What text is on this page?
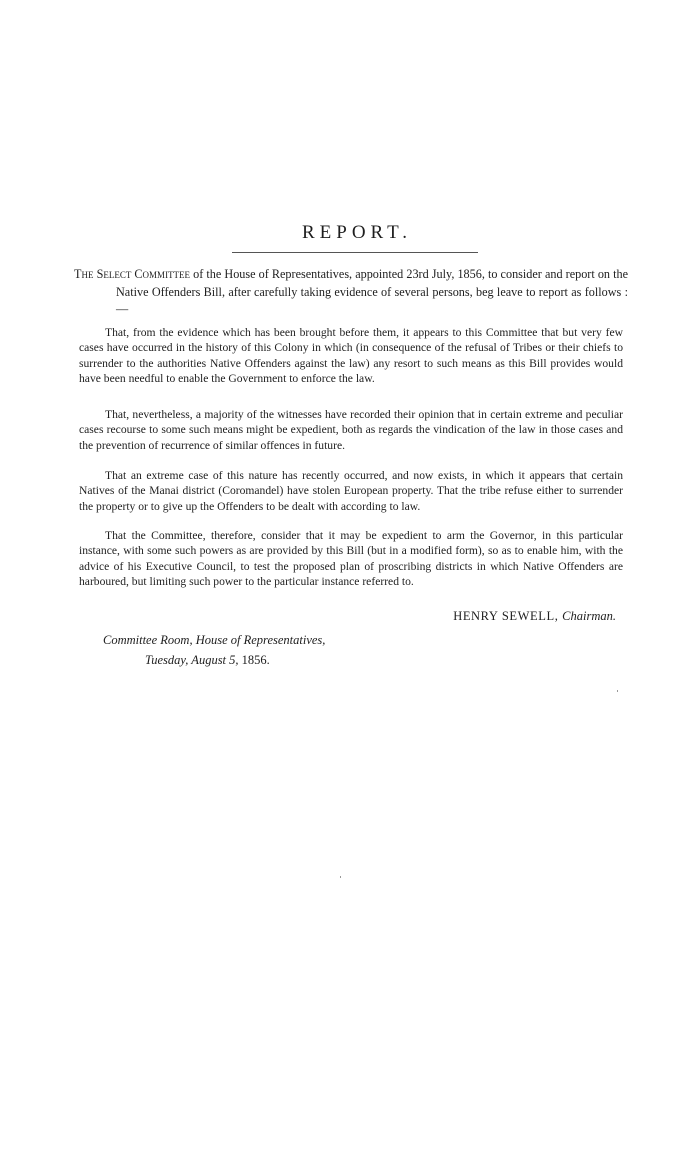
REPORT.
The Select Committee of the House of Representatives, appointed 23rd July, 1856, to consider and report on the Native Offenders Bill, after carefully taking evidence of several persons, beg leave to report as follows :—

That, from the evidence which has been brought before them, it appears to this Committee that but very few cases have occurred in the history of this Colony in which (in consequence of the refusal of Tribes or their chiefs to surrender to the authorities Native Offenders against the law) any resort to such means as this Bill provides would have been needful to enable the Government to enforce the law.

That, nevertheless, a majority of the witnesses have recorded their opinion that in certain extreme and peculiar cases recourse to some such means might be expedient, both as regards the vindication of the law in those cases and the prevention of recurrence of similar offences in future.

That an extreme case of this nature has recently occurred, and now exists, in which it appears that certain Natives of the Manai district (Coromandel) have stolen European property. That the tribe refuse either to surrender the property or to give up the Offenders to be dealt with according to law.

That the Committee, therefore, consider that it may be expedient to arm the Governor, in this particular instance, with some such powers as are provided by this Bill (but in a modified form), so as to enable him, with the advice of his Executive Council, to test the proposed plan of proscribing districts in which Native Offenders are harboured, but limiting such power to the particular instance referred to.

HENRY SEWELL, Chairman.
Committee Room, House of Representatives,
Tuesday, August 5, 1856.
